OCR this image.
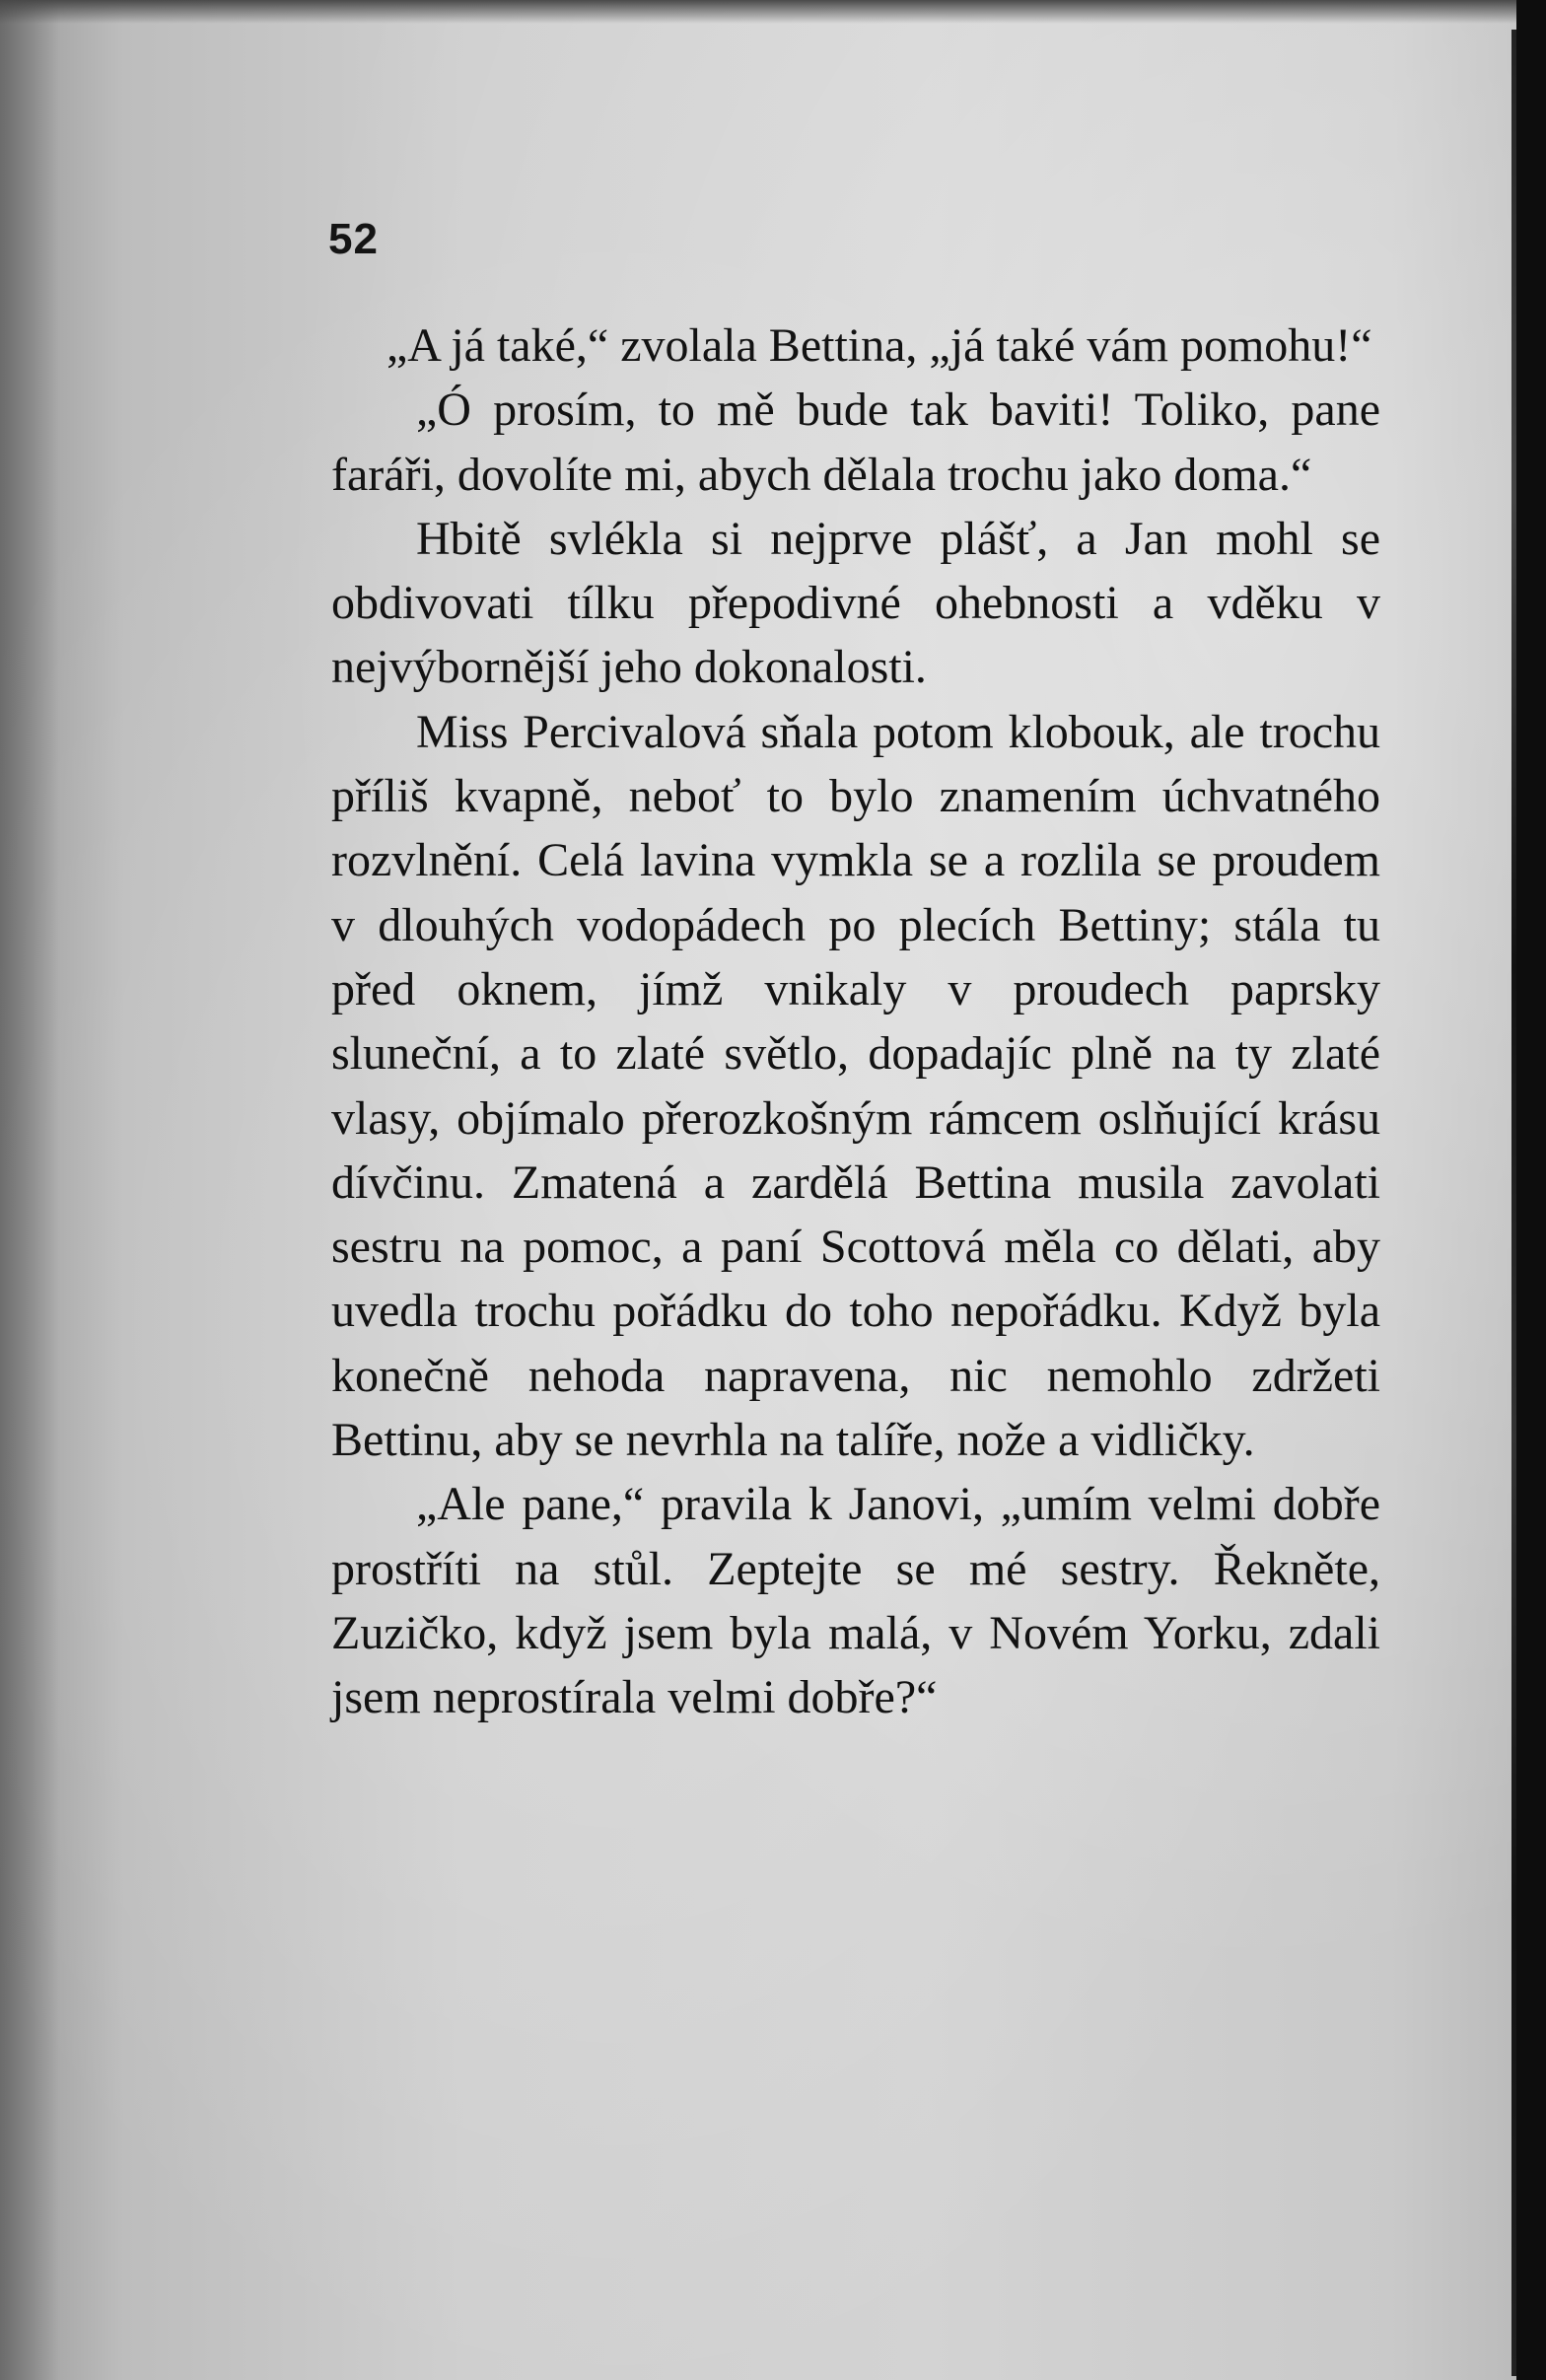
52

„A já také,“ zvolala Bettina, „já také vám pomohu!“

„Ó prosím, to mě bude tak baviti! Toliko, pane faráři, dovolíte mi, abych dělala trochu jako doma.“

Hbitě svlékla si nejprve plášť, a Jan mohl se obdivovati tílku přepodivné ohebnosti a vděku v nejvýbornější jeho dokonalosti.

Miss Percivalová sňala potom klobouk, ale trochu příliš kvapně, neboť to bylo znamením úchvatného rozvlnění. Celá lavina vymkla se a rozlila se proudem v dlouhých vodopádech po plecích Bettiny; stála tu před oknem, jímž vnikaly v proudech paprsky sluneční, a to zlaté světlo, dopadajíc plně na ty zlaté vlasy, objímalo přerozkošným rámcem oslňující krásu dívčinu. Zmatená a zardělá Bettina musila zavolati sestru na pomoc, a paní Scottová měla co dělati, aby uvedla trochu pořádku do toho nepořádku. Když byla konečně nehoda napravena, nic nemohlo zdržeti Bettinu, aby se nevrhla na talíře, nože a vidličky.

„Ale pane,“ pravila k Janovi, „umím velmi dobře prostříti na stůl. Zeptejte se mé sestry. Řekněte, Zuzičko, když jsem byla malá, v Novém Yorku, zdali jsem neprostírala velmi dobře?“
